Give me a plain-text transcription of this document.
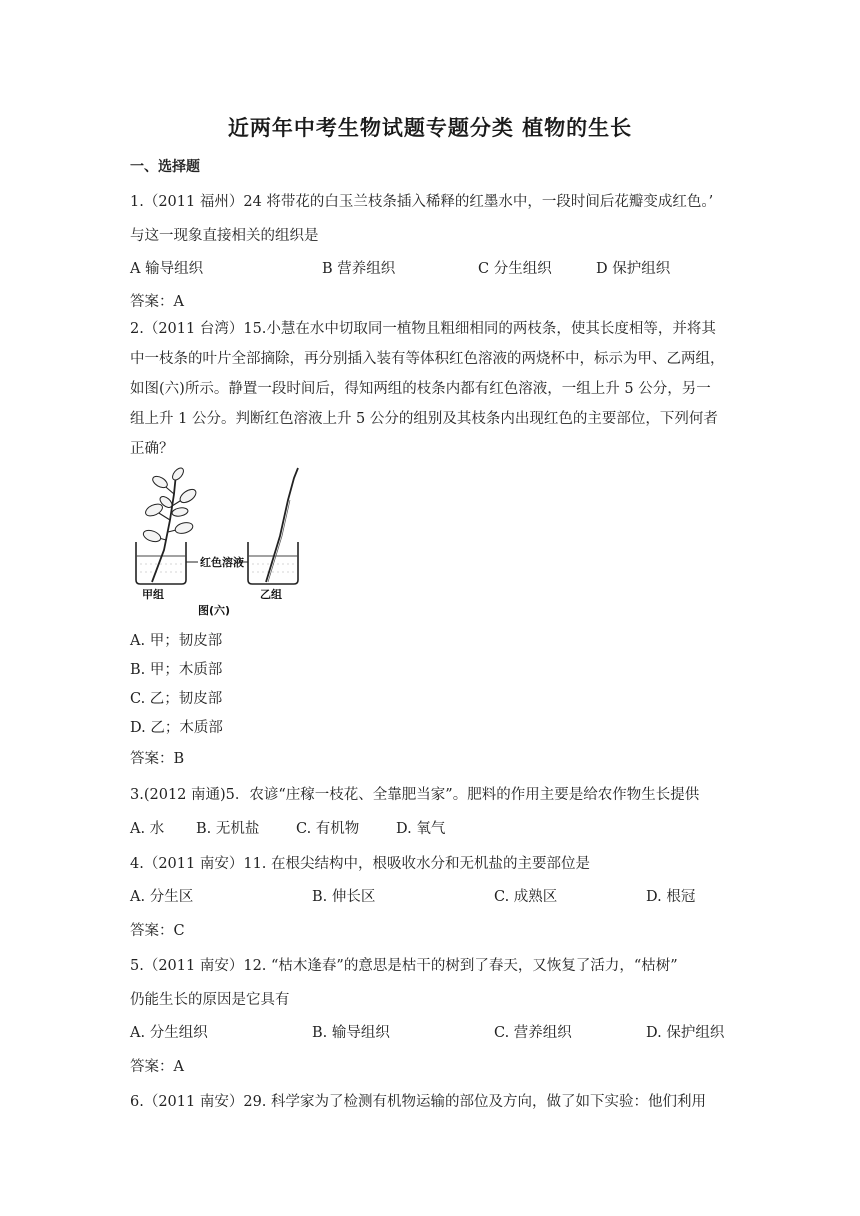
近两年中考生物试题专题分类 植物的生长
一、选择题
1.（2011 福州）24 将带花的白玉兰枝条插入稀释的红墨水中，一段时间后花瓣变成红色。’
与这一现象直接相关的组织是
A 输导组织	B 营养组织	C 分生组织	D 保护组织
答案：A
2.（2011 台湾）15.小慧在水中切取同一植物且粗细相同的两枝条，使其长度相等，并将其
中一枝条的叶片全部摘除，再分别插入装有等体积红色溶液的两烧杯中，标示为甲、乙两组，
如图(六)所示。静置一段时间后，得知两组的枝条内都有红色溶液，一组上升 5 公分，另一
组上升 1 公分。判断红色溶液上升 5 公分的组别及其枝条内出现红色的主要部位，下列何者
正确？
红色溶液
甲组	乙组
图(六)
A. 甲；韧皮部
B. 甲；木质部
C. 乙；韧皮部
D. 乙；木质部
答案：B
3.(2012 南通)5．农谚“庄稼一枝花、全靠肥当家”。肥料的作用主要是给农作物生长提供
A. 水 B. 无机盐	C. 有机物	D. 氧气
4.（2011 南安）11. 在根尖结构中，根吸收水分和无机盐的主要部位是
A. 分生区	B. 伸长区	C. 成熟区	D. 根冠
答案：C
5.（2011 南安）12. “枯木逢春”的意思是枯干的树到了春天，又恢复了活力，“枯树”
仍能生长的原因是它具有
A. 分生组织	B. 输导组织	C. 营养组织	D. 保护组织
答案：A
6.（2011 南安）29. 科学家为了检测有机物运输的部位及方向，做了如下实验：他们利用
